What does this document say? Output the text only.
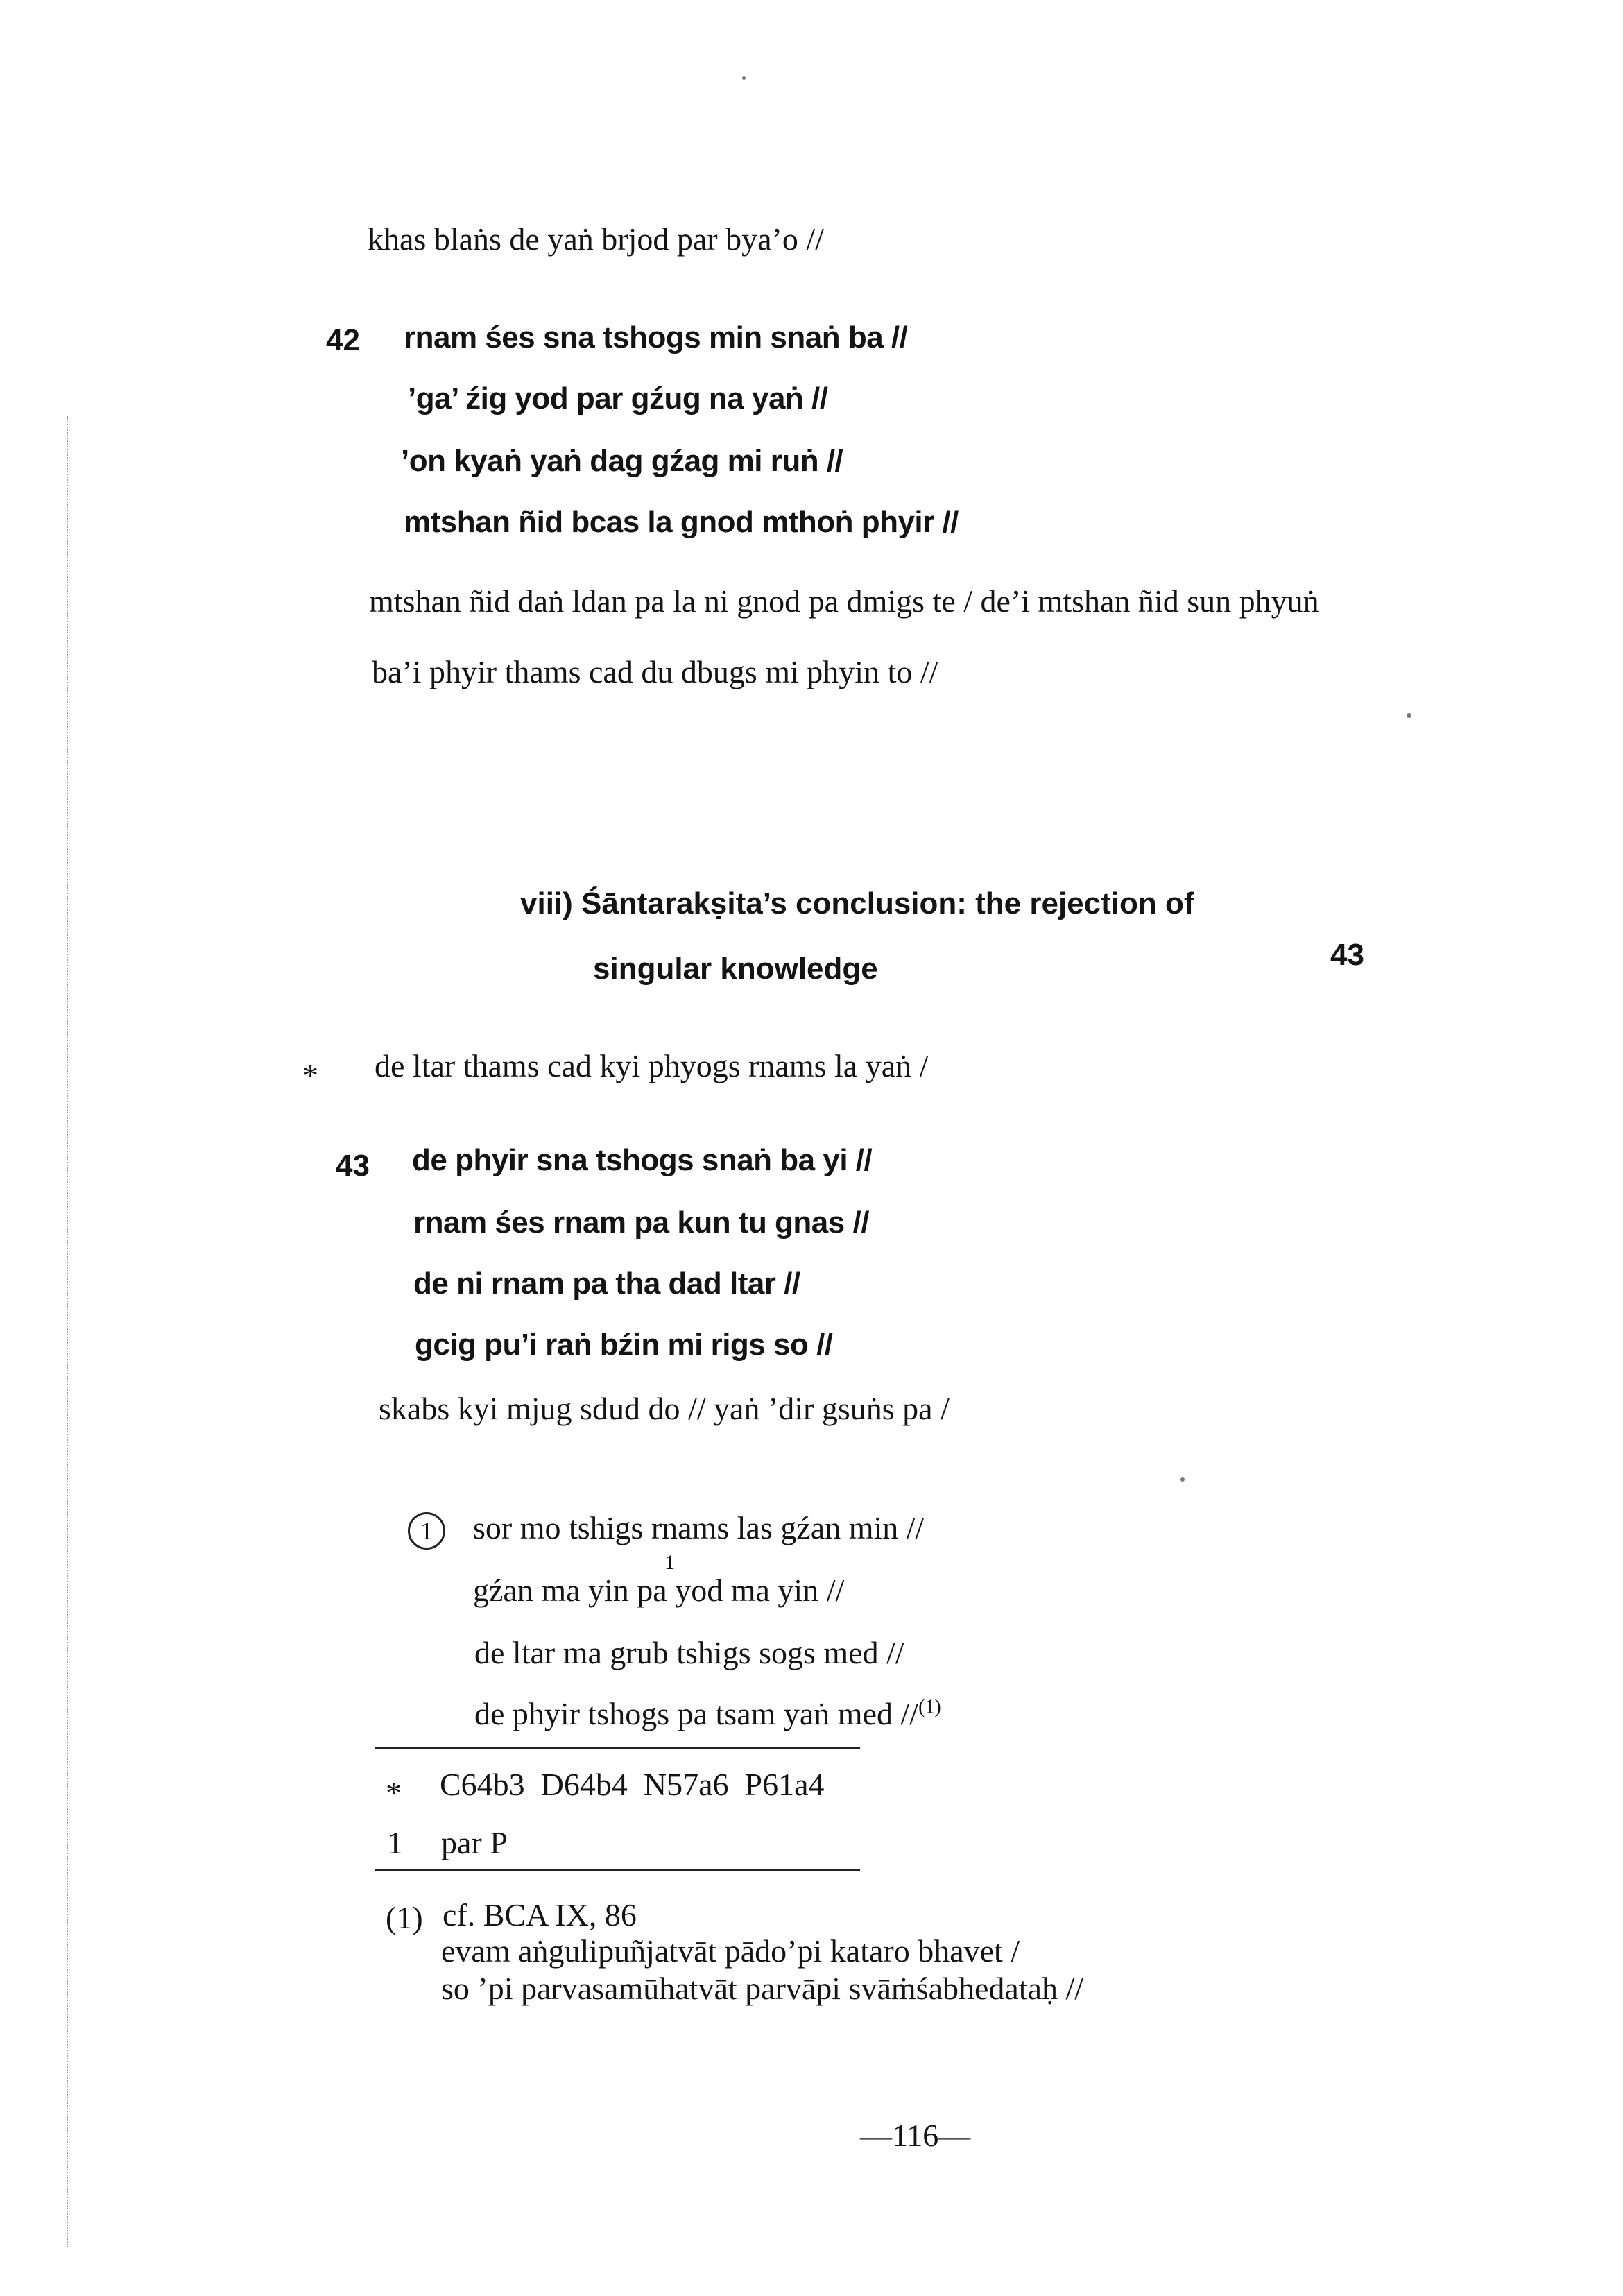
khas blaṅs de yaṅ brjod par bya’o //
42 rnam śes sna tshogs min snaṅ ba //
’ga’ źig yod par gźug na yaṅ //
’on kyaṅ yaṅ dag gźag mi ruṅ //
mtshan ñid bcas la gnod mthoṅ phyir //
mtshan ñid daṅ ldan pa la ni gnod pa dmigs te / de’i mtshan ñid sun phyuṅ
ba’i phyir thams cad du dbugs mi phyin to //
viii) Śāntarakṣita’s conclusion: the rejection of
singular knowledge	43
* de ltar thams cad kyi phyogs rnams la yaṅ /
43 de phyir sna tshogs snaṅ ba yi //
rnam śes rnam pa kun tu gnas //
de ni rnam pa tha dad ltar //
gcig pu’i raṅ bźin mi rigs so //
skabs kyi mjug sdud do // yaṅ ’dir gsuṅs pa /
1	sor mo tshigs rnams las gźan min //
1
gźan ma yin pa yod ma yin //
de ltar ma grub tshigs sogs med //
de phyir tshogs pa tsam yaṅ med //$^{(1)}$
* C64b3  D64b4  N57a6  P61a4
1 par P
(1) cf. BCA IX, 86
evam aṅgulipuñjatvāt pādo’pi kataro bhavet /
so ’pi parvasamūhatvāt parvāpi svāṁśabhedataḥ //
—116—
